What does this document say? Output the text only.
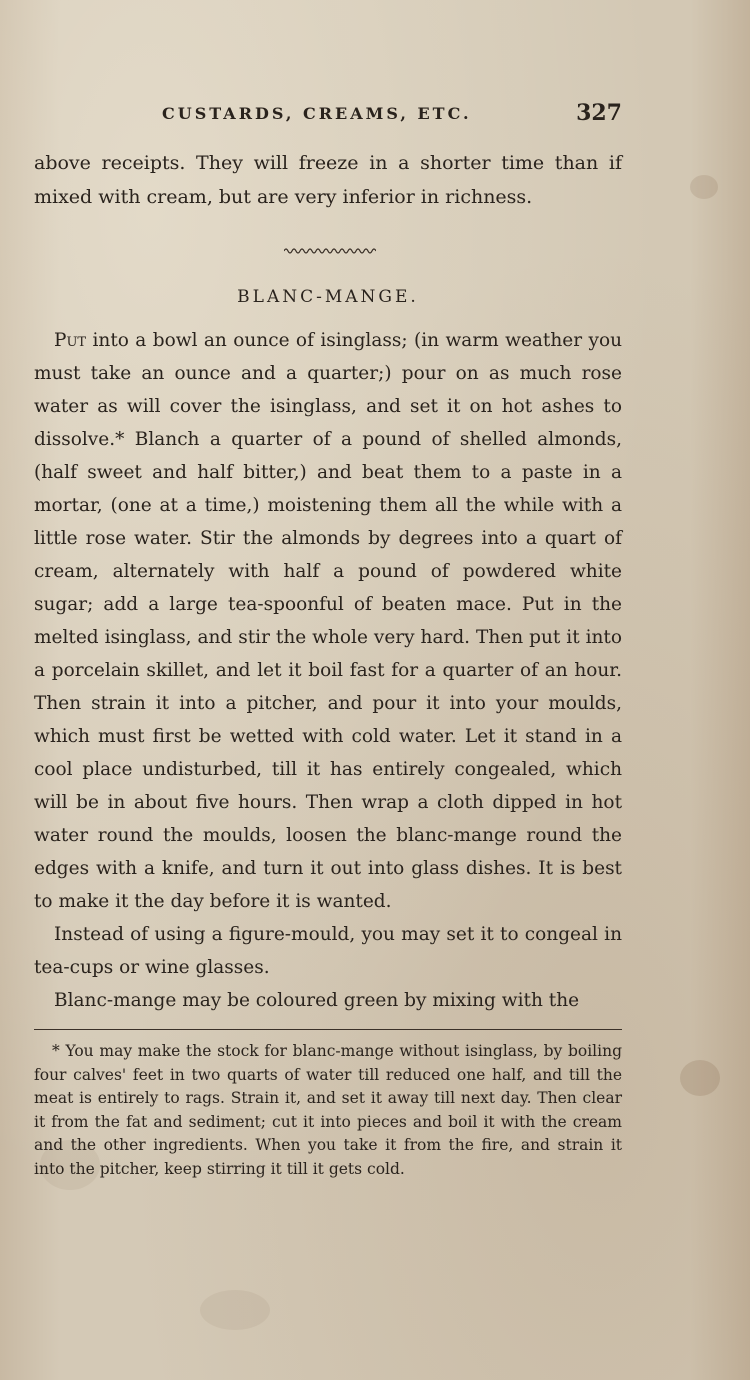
CUSTARDS, CREAMS, ETC.	327
above receipts. They will freeze in a shorter time than if mixed with cream, but are very inferior in richness.
BLANC-MANGE.

Put into a bowl an ounce of isinglass; (in warm weather you must take an ounce and a quarter;) pour on as much rose water as will cover the isinglass, and set it on hot ashes to dissolve.* Blanch a quarter of a pound of shelled almonds, (half sweet and half bitter,) and beat them to a paste in a mortar, (one at a time,) moistening them all the while with a little rose water. Stir the almonds by degrees into a quart of cream, alternately with half a pound of powdered white sugar; add a large tea-spoonful of beaten mace. Put in the melted isinglass, and stir the whole very hard. Then put it into a porcelain skillet, and let it boil fast for a quarter of an hour. Then strain it into a pitcher, and pour it into your moulds, which must first be wetted with cold water. Let it stand in a cool place undisturbed, till it has entirely congealed, which will be in about five hours. Then wrap a cloth dipped in hot water round the moulds, loosen the blanc-mange round the edges with a knife, and turn it out into glass dishes. It is best to make it the day before it is wanted.

Instead of using a figure-mould, you may set it to congeal in tea-cups or wine glasses.

Blanc-mange may be coloured green by mixing with the

* You may make the stock for blanc-mange without isinglass, by boiling four calves' feet in two quarts of water till reduced one half, and till the meat is entirely to rags. Strain it, and set it away till next day. Then clear it from the fat and sediment; cut it into pieces and boil it with the cream and the other ingredients. When you take it from the fire, and strain it into the pitcher, keep stirring it till it gets cold.
